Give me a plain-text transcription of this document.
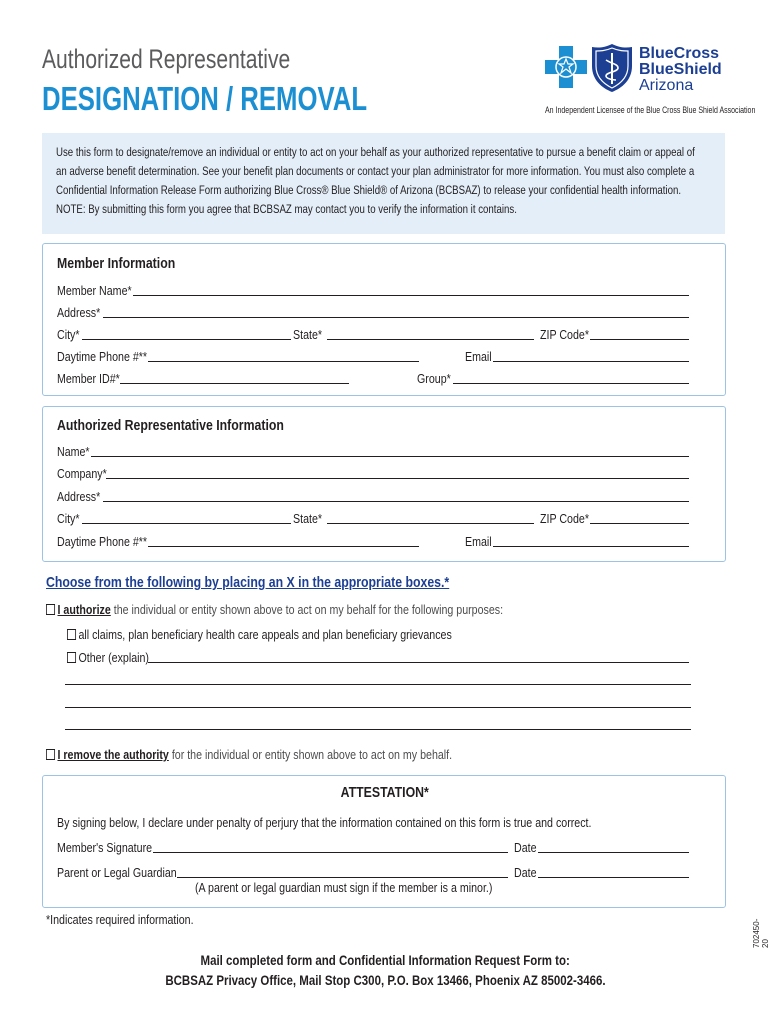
Authorized Representative
DESIGNATION / REMOVAL
BlueCross
BlueShield
Arizona
An Independent Licensee of the Blue Cross Blue Shield Association
Use this form to designate/remove an individual or entity to act on your behalf as your authorized representative to pursue a benefit claim or appeal of an adverse benefit determination. See your benefit plan documents or contact your plan administrator for more information. You must also complete a Confidential Information Release Form authorizing Blue Cross® Blue Shield® of Arizona (BCBSAZ) to release your confidential health information. NOTE: By submitting this form you agree that BCBSAZ may contact you to verify the information it contains.
Member Information
Member Name*
Address*
City*	State*	ZIP Code*
Daytime Phone #**	Email
Member ID#*	Group*
Authorized Representative Information
Name*
Company*
Address*
City*	State*	ZIP Code*
Daytime Phone #**	Email
Choose from the following by placing an X in the appropriate boxes.*
I authorize the individual or entity shown above to act on my behalf for the following purposes:
all claims, plan beneficiary health care appeals and plan beneficiary grievances
Other (explain)
I remove the authority for the individual or entity shown above to act on my behalf.
ATTESTATION*
By signing below, I declare under penalty of perjury that the information contained on this form is true and correct.
Member's Signature	Date
Parent or Legal Guardian	Date
(A parent or legal guardian must sign if the member is a minor.)
*Indicates required information.
Mail completed form and Confidential Information Request Form to:
BCBSAZ Privacy Office, Mail Stop C300, P.O. Box 13466, Phoenix AZ 85002-3466.
702450-20
